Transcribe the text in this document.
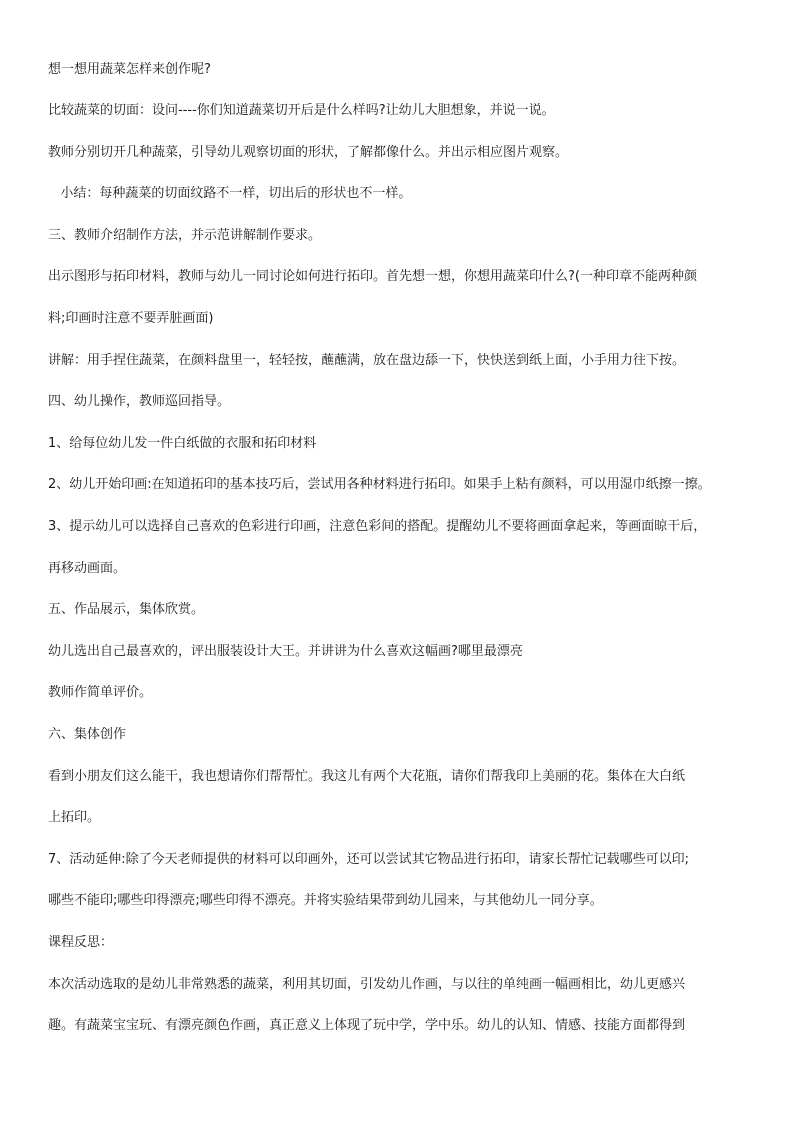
想一想用蔬菜怎样来创作呢?
比较蔬菜的切面：设问----你们知道蔬菜切开后是什么样吗?让幼儿大胆想象，并说一说。
教师分别切开几种蔬菜，引导幼儿观察切面的形状，了解都像什么。并出示相应图片观察。
小结：每种蔬菜的切面纹路不一样，切出后的形状也不一样。
三、教师介绍制作方法，并示范讲解制作要求。
出示图形与拓印材料，教师与幼儿一同讨论如何进行拓印。首先想一想，你想用蔬菜印什么?(一种印章不能两种颜
料;印画时注意不要弄脏画面)
讲解：用手捏住蔬菜，在颜料盘里一，轻轻按，蘸蘸满，放在盘边舔一下，快快送到纸上面，小手用力往下按。
四、幼儿操作，教师巡回指导。
1、给每位幼儿发一件白纸做的衣服和拓印材料
2、幼儿开始印画:在知道拓印的基本技巧后，尝试用各种材料进行拓印。如果手上粘有颜料，可以用湿巾纸擦一擦。
3、提示幼儿可以选择自己喜欢的色彩进行印画，注意色彩间的搭配。提醒幼儿不要将画面拿起来，等画面晾干后，
再移动画面。
五、作品展示，集体欣赏。
幼儿选出自己最喜欢的，评出服装设计大王。并讲讲为什么喜欢这幅画?哪里最漂亮
教师作简单评价。
六、集体创作
看到小朋友们这么能干，我也想请你们帮帮忙。我这儿有两个大花瓶，请你们帮我印上美丽的花。集体在大白纸
上拓印。
7、活动延伸:除了今天老师提供的材料可以印画外，还可以尝试其它物品进行拓印，请家长帮忙记载哪些可以印;
哪些不能印;哪些印得漂亮;哪些印得不漂亮。并将实验结果带到幼儿园来，与其他幼儿一同分享。
课程反思：
本次活动选取的是幼儿非常熟悉的蔬菜，利用其切面，引发幼儿作画，与以往的单纯画一幅画相比，幼儿更感兴
趣。有蔬菜宝宝玩、有漂亮颜色作画，真正意义上体现了玩中学，学中乐。幼儿的认知、情感、技能方面都得到
